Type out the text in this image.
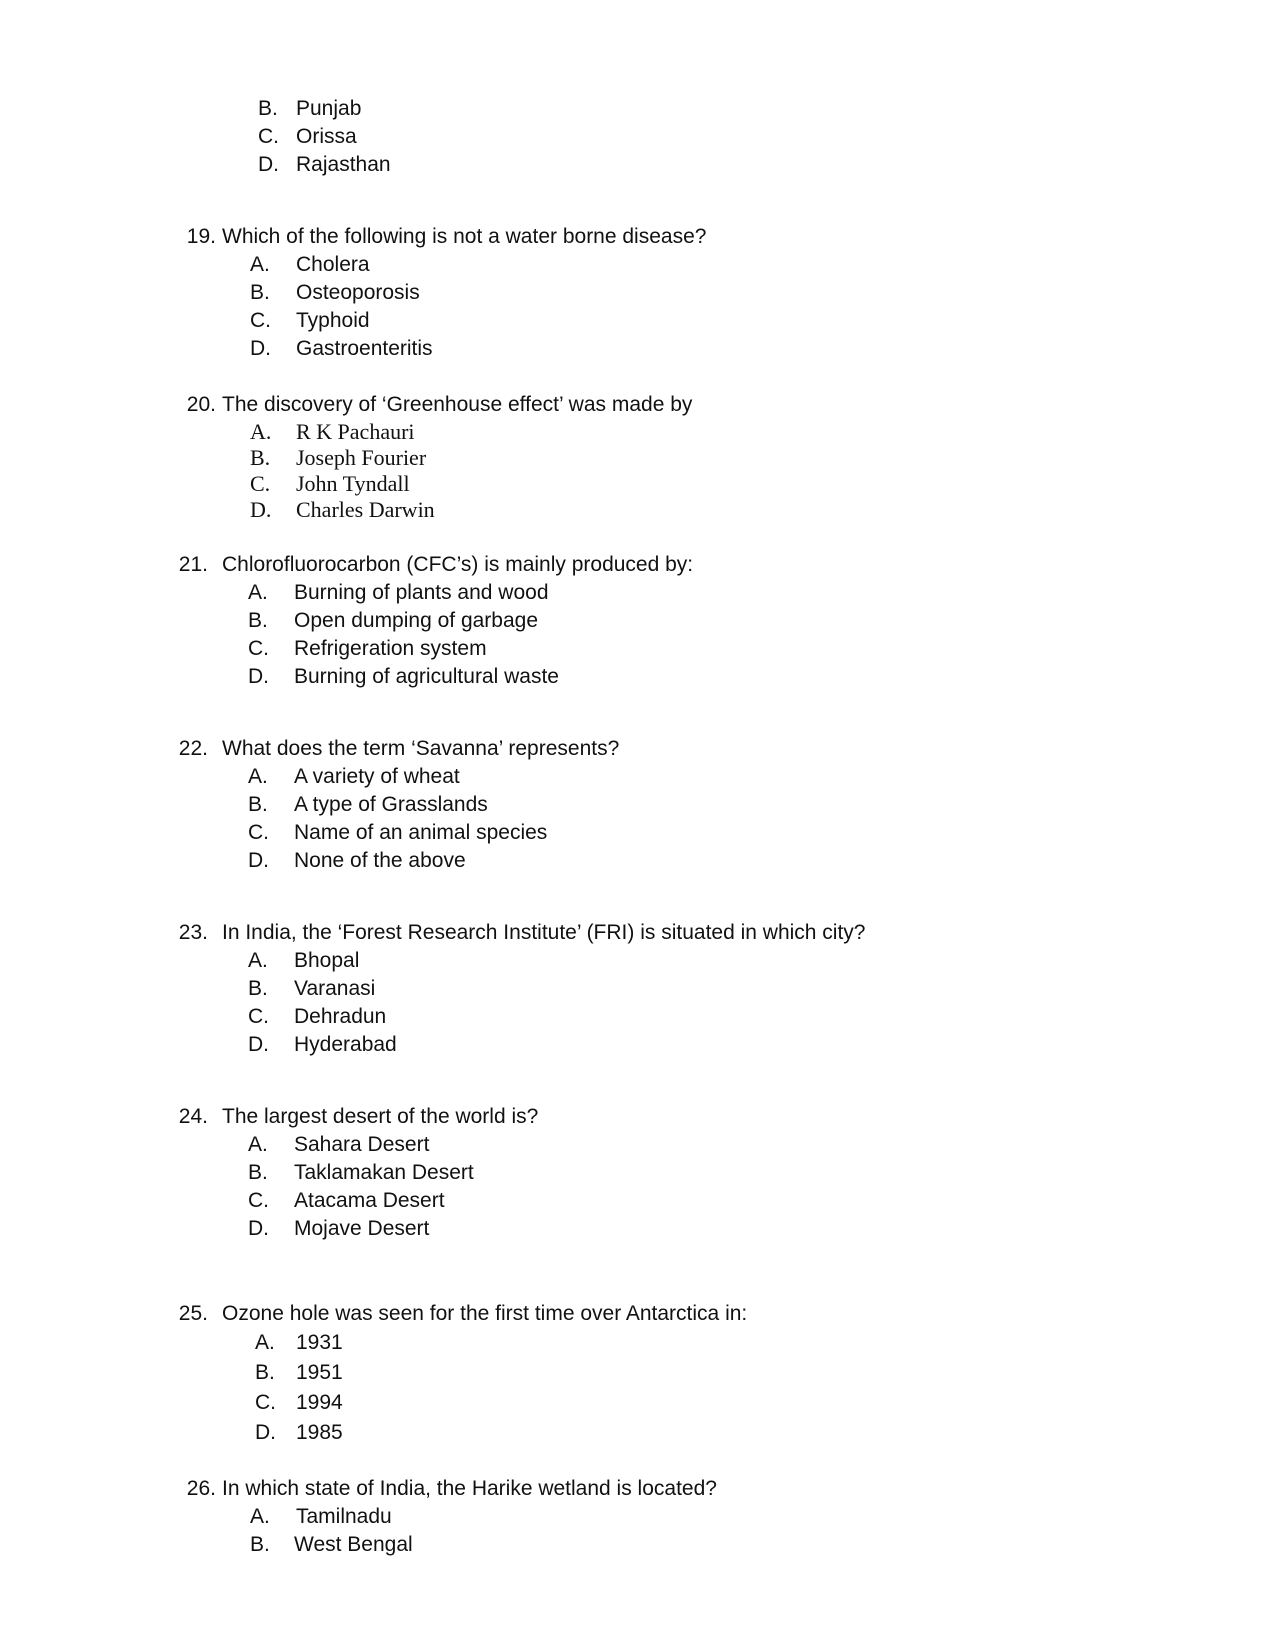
B. Punjab
C. Orissa
D. Rajasthan
19. Which of the following is not a water borne disease?
A. Cholera
B. Osteoporosis
C. Typhoid
D. Gastroenteritis
20. The discovery of ‘Greenhouse effect’ was made by
A. R K Pachauri
B. Joseph Fourier
C. John Tyndall
D. Charles Darwin
21. Chlorofluorocarbon (CFC’s) is mainly produced by:
A. Burning of plants and wood
B. Open dumping of garbage
C. Refrigeration system
D. Burning of agricultural waste
22. What does the term ‘Savanna’ represents?
A. A variety of wheat
B. A type of Grasslands
C. Name of an animal species
D. None of the above
23. In India, the ‘Forest Research Institute’ (FRI) is situated in which city?
A. Bhopal
B. Varanasi
C. Dehradun
D. Hyderabad
24. The largest desert of the world is?
A. Sahara Desert
B. Taklamakan Desert
C. Atacama Desert
D. Mojave Desert
25. Ozone hole was seen for the first time over Antarctica in:
A. 1931
B. 1951
C. 1994
D. 1985
26. In which state of India, the Harike wetland is located?
A. Tamilnadu
B. West Bengal
